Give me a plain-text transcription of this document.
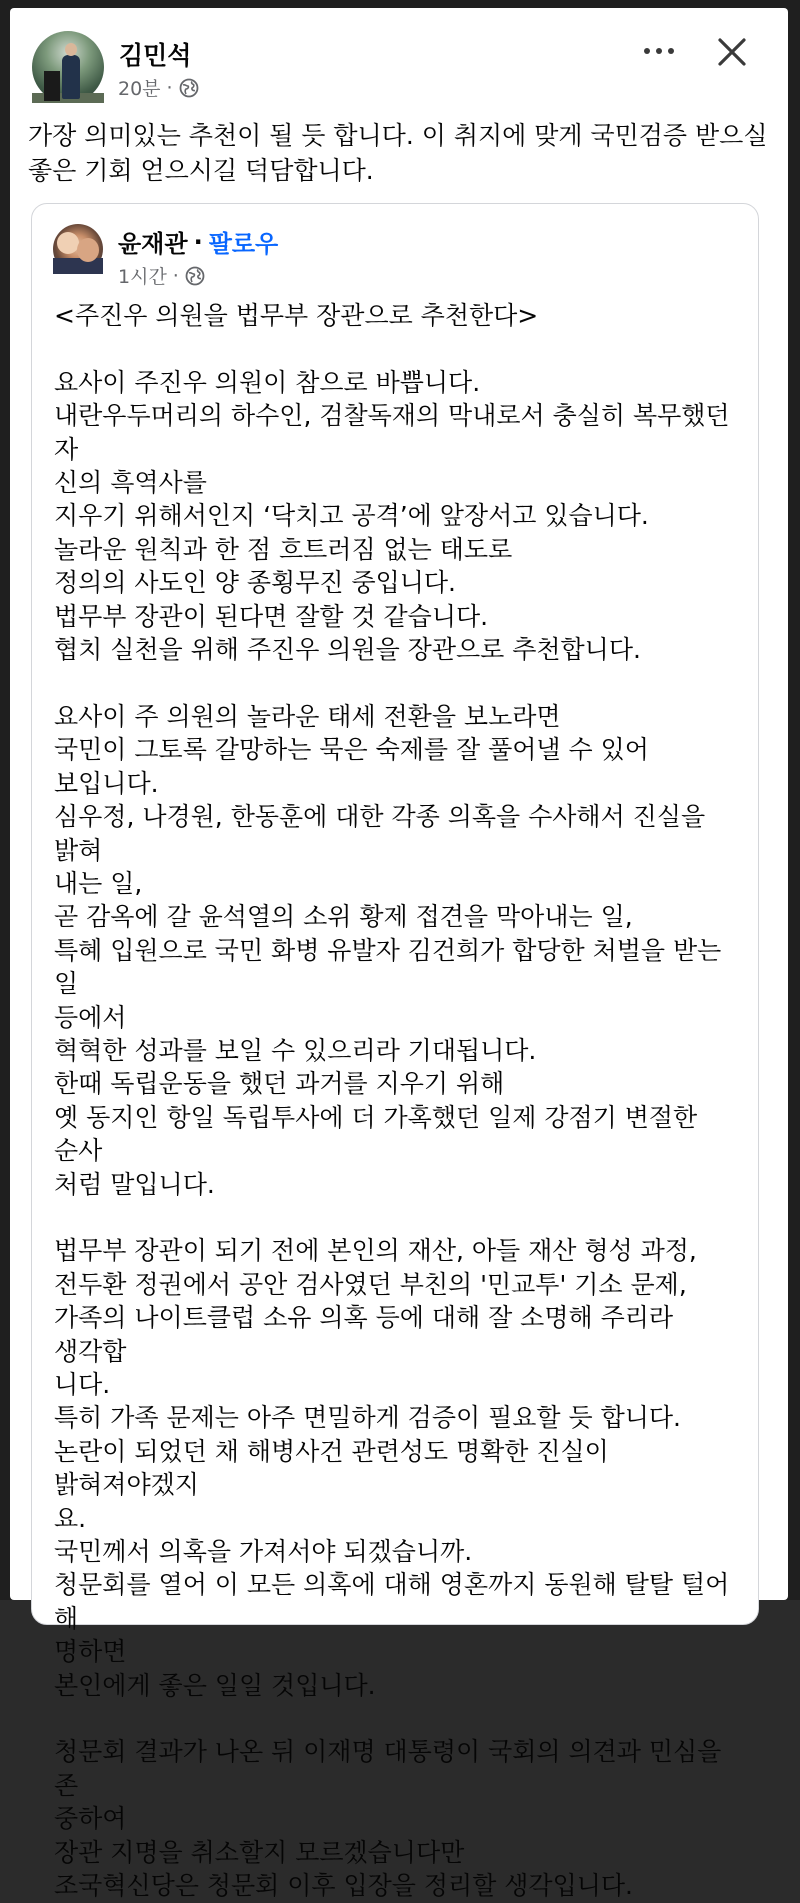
김민석
20분 ·
가장 의미있는 추천이 될 듯 합니다. 이 취지에 맞게 국민검증 받으실
좋은 기회 얻으시길 덕담합니다.
윤재관 · 팔로우
1시간 ·
<주진우 의원을 법무부 장관으로 추천한다>

요사이 주진우 의원이 참으로 바쁩니다.
내란우두머리의 하수인, 검찰독재의 막내로서 충실히 복무했던 자
신의 흑역사를
지우기 위해서인지 ‘닥치고 공격’에 앞장서고 있습니다.
놀라운 원칙과 한 점 흐트러짐 없는 태도로
정의의 사도인 양 종횡무진 중입니다.
법무부 장관이 된다면 잘할 것 같습니다.
협치 실천을 위해 주진우 의원을 장관으로 추천합니다.

요사이 주 의원의 놀라운 태세 전환을 보노라면
국민이 그토록 갈망하는 묵은 숙제를 잘 풀어낼 수 있어 보입니다.
심우정, 나경원, 한동훈에 대한 각종 의혹을 수사해서 진실을 밝혀
내는 일,
곧 감옥에 갈 윤석열의 소위 황제 접견을 막아내는 일,
특혜 입원으로 국민 화병 유발자 김건희가 합당한 처벌을 받는 일
등에서
혁혁한 성과를 보일 수 있으리라 기대됩니다.
한때 독립운동을 했던 과거를 지우기 위해
옛 동지인 항일 독립투사에 더 가혹했던 일제 강점기 변절한 순사
처럼 말입니다.

법무부 장관이 되기 전에 본인의 재산, 아들 재산 형성 과정,
전두환 정권에서 공안 검사였던 부친의 '민교투' 기소 문제,
가족의 나이트클럽 소유 의혹 등에 대해 잘 소명해 주리라 생각합
니다.
특히 가족 문제는 아주 면밀하게 검증이 필요할 듯 합니다.
논란이 되었던 채 해병사건 관련성도 명확한 진실이 밝혀져야겠지
요.
국민께서 의혹을 가져서야 되겠습니까.
청문회를 열어 이 모든 의혹에 대해 영혼까지 동원해 탈탈 털어 해
명하면
본인에게 좋은 일일 것입니다.

청문회 결과가 나온 뒤 이재명 대통령이 국회의 의견과 민심을 존
중하여
장관 지명을 취소할지 모르겠습니다만
조국혁신당은 청문회 이후 입장을 정리할 생각입니다.
